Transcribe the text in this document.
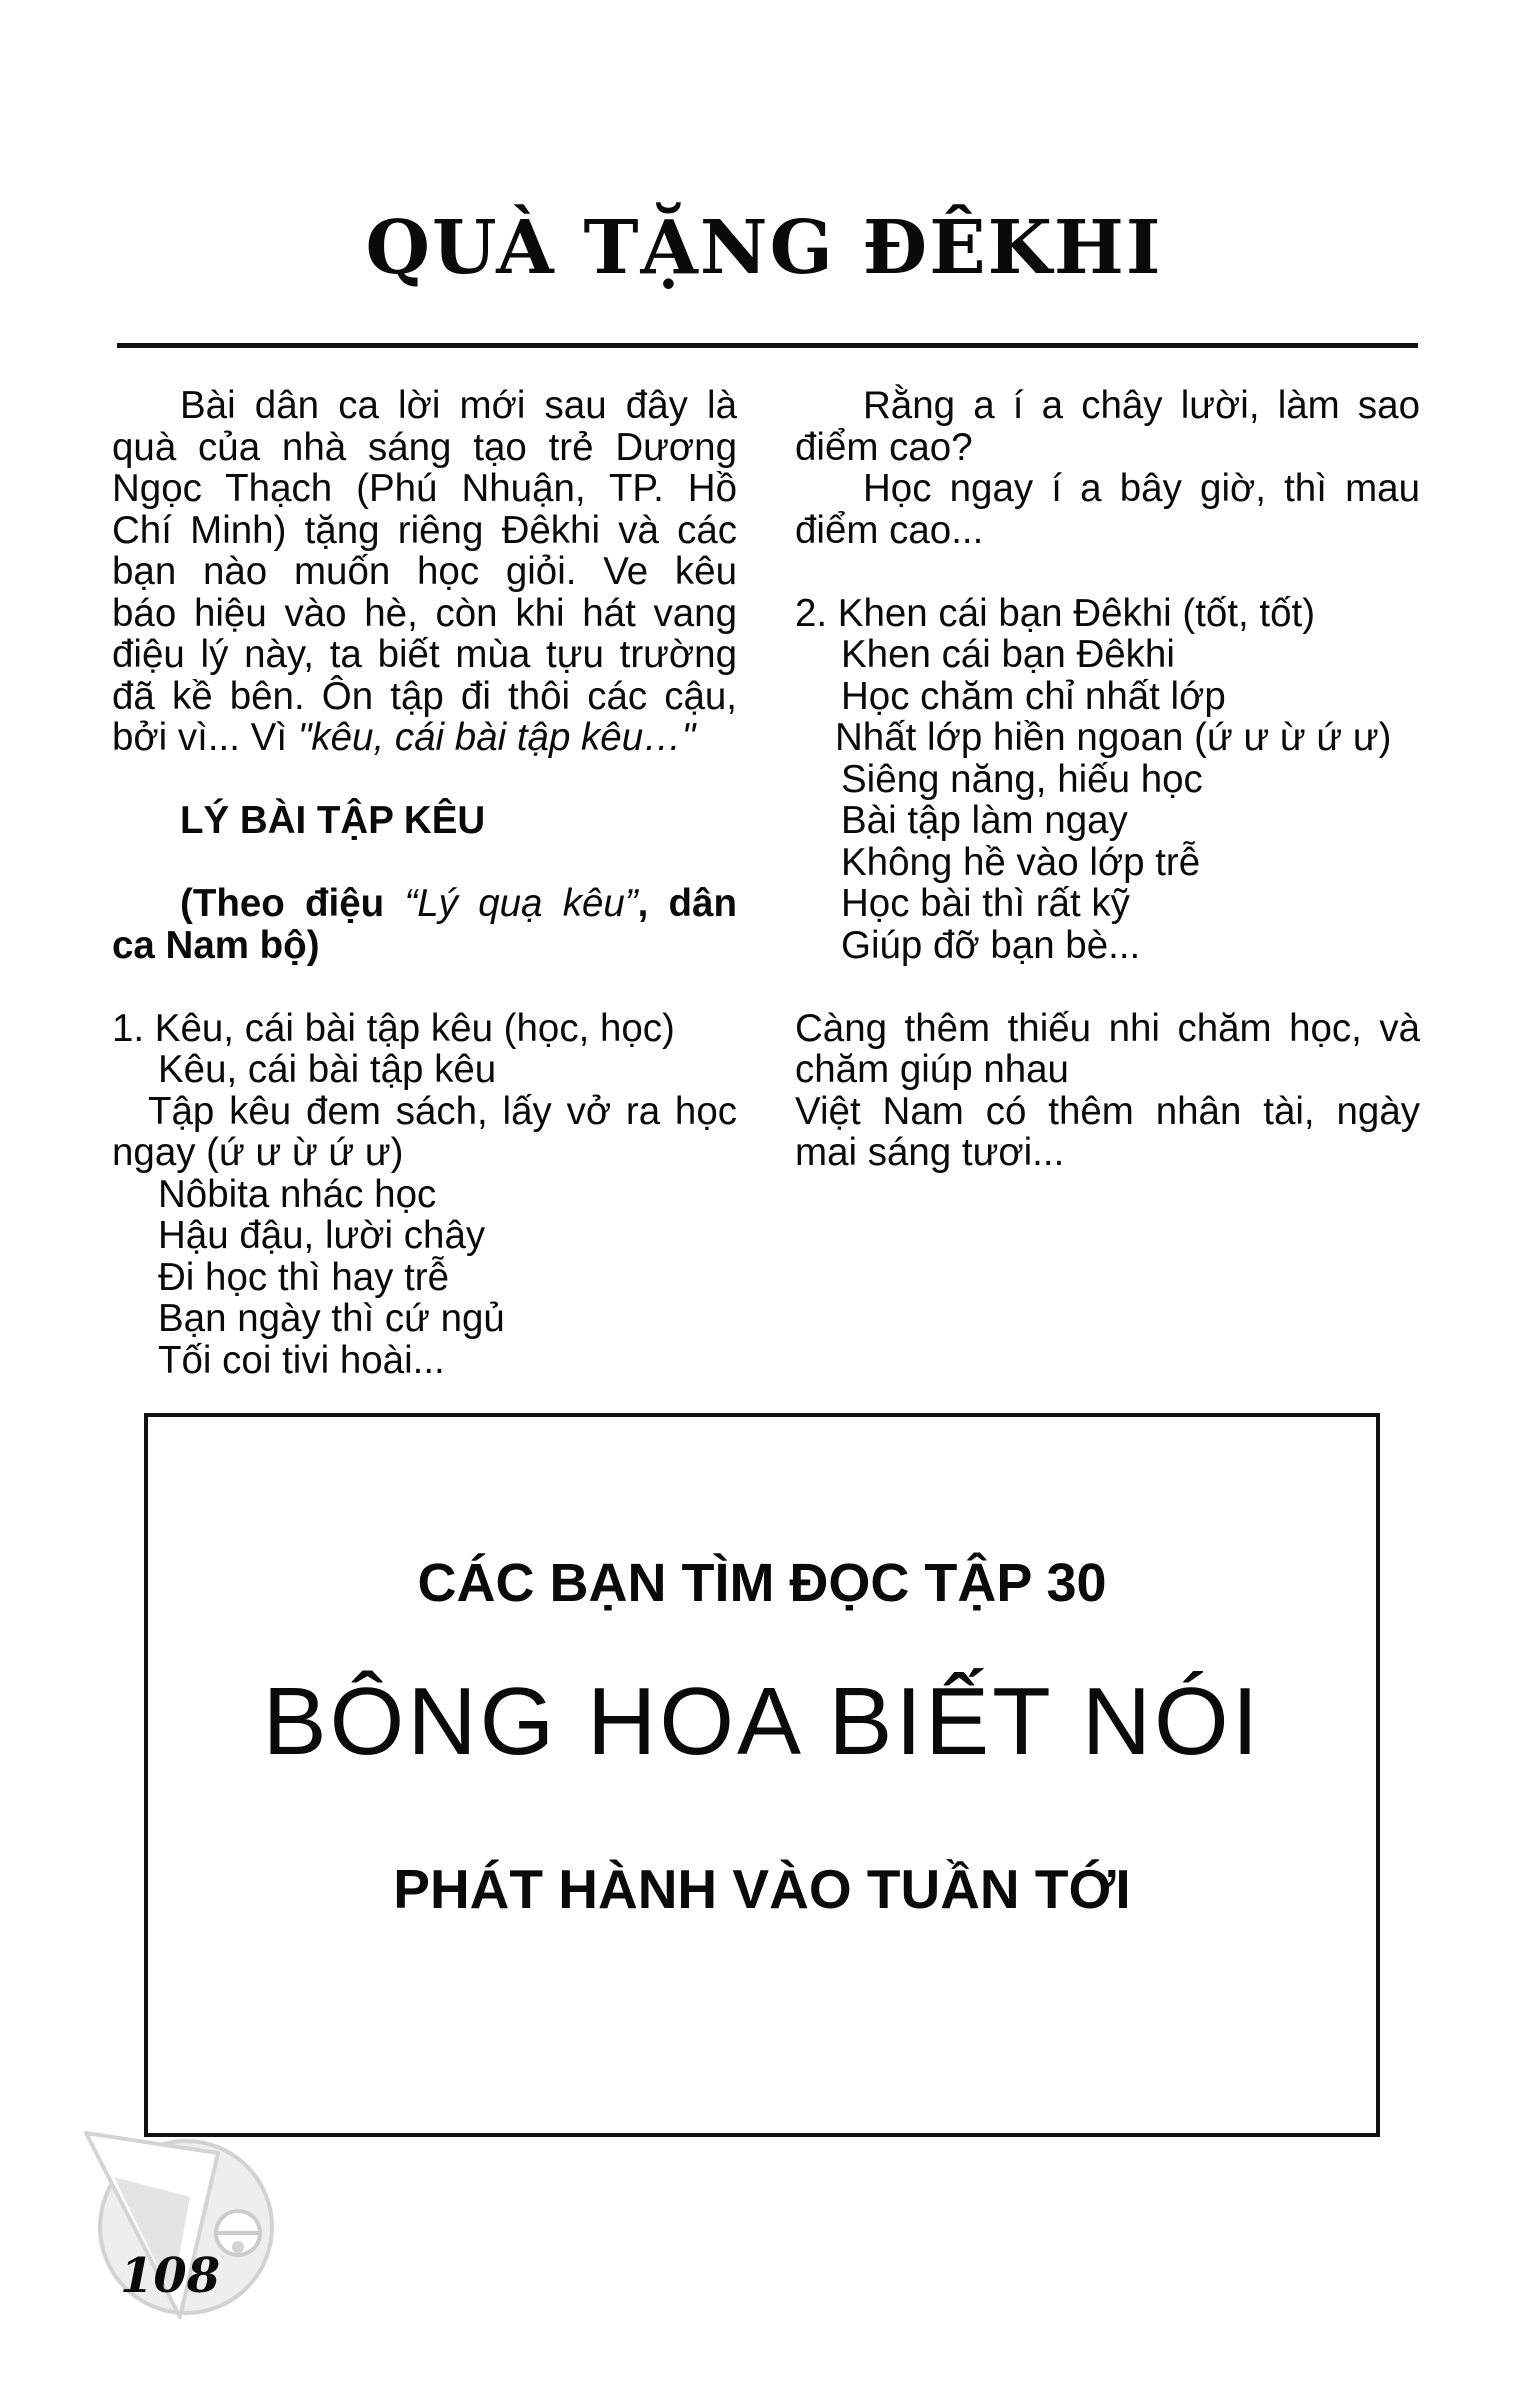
QUÀ TẶNG ĐÊKHI

Bài dân ca lời mới sau đây là

quà của nhà sáng tạo trẻ Dương

Ngọc Thạch (Phú Nhuận, TP. Hồ

Chí Minh) tặng riêng Đêkhi và các

bạn nào muốn học giỏi. Ve kêu

báo hiệu vào hè, còn khi hát vang

điệu lý này, ta biết mùa tựu trường

đã kề bên. Ôn tập đi thôi các cậu,

bởi vì... Vì "kêu, cái bài tập kêu…"

LÝ BÀI TẬP KÊU

(Theo điệu “Lý quạ kêu”, dân

ca Nam bộ)

1. Kêu, cái bài tập kêu (học, học)

Kêu, cái bài tập kêu

Tập kêu đem sách, lấy vở ra học

ngay (ứ ư ừ ứ ư)

Nôbita nhác học

Hậu đậu, lười chây

Đi học thì hay trễ

Bạn ngày thì cứ ngủ

Tối coi tivi hoài...

Rằng a í a chây lười, làm sao

điểm cao?

Học ngay í a bây giờ, thì mau

điểm cao...

2. Khen cái bạn Đêkhi (tốt, tốt)

Khen cái bạn Đêkhi

Học chăm chỉ nhất lớp

Nhất lớp hiền ngoan (ứ ư ừ ứ ư)

Siêng năng, hiếu học

Bài tập làm ngay

Không hề vào lớp trễ

Học bài thì rất kỹ

Giúp đỡ bạn bè...

Càng thêm thiếu nhi chăm học, và

chăm giúp nhau

Việt Nam có thêm nhân tài, ngày

mai sáng tươi...

CÁC BẠN TÌM ĐỌC TẬP 30

BÔNG HOA BIẾT NÓI

PHÁT HÀNH VÀO TUẦN TỚI

108
